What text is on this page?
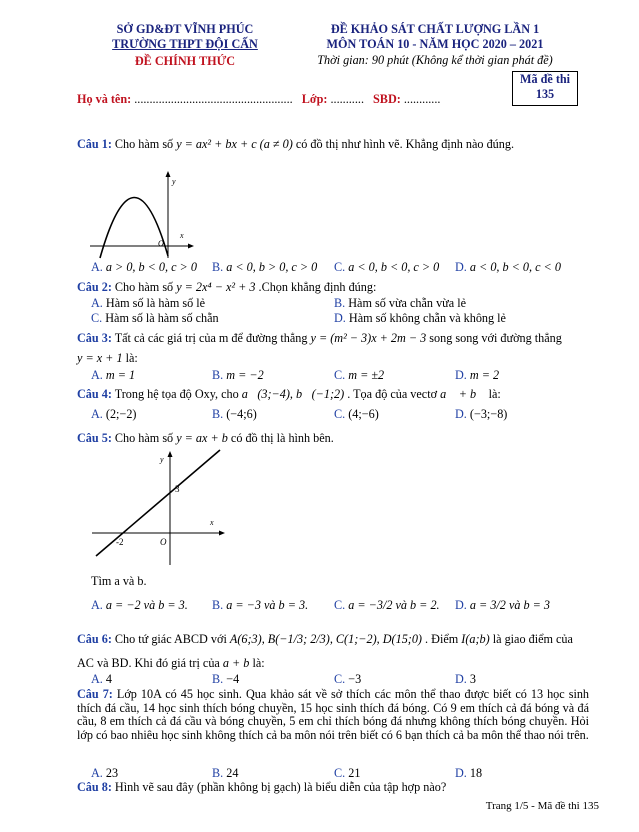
SỞ GD&ĐT VĨNH PHÚC
TRƯỜNG THPT ĐỘI CẤN
ĐỀ CHÍNH THỨC
ĐỀ KHẢO SÁT CHẤT LƯỢNG LẦN 1
MÔN TOÁN 10 - NĂM HỌC 2020 – 2021
Thời gian: 90 phút (Không kể thời gian phát đề)
Mã đề thi
135
Họ và tên: .................................................... Lớp: ........... SBD: ............
Câu 1: Cho hàm số y = ax² + bx + c (a ≠ 0) có đồ thị như hình vẽ. Khẳng định nào đúng.
y
x
O
A. a > 0, b < 0, c > 0 B. a < 0, b > 0, c > 0 C. a < 0, b < 0, c > 0 D. a < 0, b < 0, c < 0
Câu 2: Cho hàm số y = 2x⁴ − x² + 3 .Chọn khẳng định đúng:
A. Hàm số là hàm số lẻ	B. Hàm số vừa chẵn vừa lẻ
C. Hàm số là hàm số chẵn	D. Hàm số không chẵn và không lẻ
Câu 3: Tất cả các giá trị của m để đường thẳng y = (m² − 3)x + 2m − 3 song song với đường thẳng
y = x + 1 là:
A. m = 1	B. m = −2	C. m = ±2	D. m = 2
Câu 4: Trong hệ tọa độ Oxy, cho a⃗(3;−4), b⃗(−1;2) . Tọa độ của vectơ a⃗ + b⃗ là:
A. (2;−2)	B. (−4;6)	C. (4;−6)	D. (−3;−8)
Câu 5: Cho hàm số y = ax + b có đồ thị là hình bên.
y
x
O
3
-2
Tìm a và b.
A. a = −2 và b = 3. B. a = −3 và b = 3. C. a = −3/2 và b = 2. D. a = 3/2 và b = 3
Câu 6: Cho tứ giác ABCD với A(6;3), B(−1/3; 2/3), C(1;−2), D(15;0) . Điểm I(a;b) là giao điểm của
AC và BD. Khi đó giá trị của a + b là:
A. 4	B. −4	C. −3	D. 3
Câu 7: Lớp 10A có 45 học sinh. Qua khảo sát về sở thích các môn thể thao được biết có 13 học sinh thích đá cầu, 14 học sinh thích bóng chuyền, 15 học sinh thích đá bóng. Có 9 em thích cả đá bóng và đá cầu, 8 em thích cả đá cầu và bóng chuyền, 5 em chỉ thích bóng đá nhưng không thích bóng chuyền. Hỏi lớp có bao nhiêu học sinh không thích cả ba môn nói trên biết có 6 bạn thích cả ba môn thể thao nói trên.
A. 23	B. 24	C. 21	D. 18
Câu 8: Hình vẽ sau đây (phần không bị gạch) là biểu diễn của tập hợp nào?
Trang 1/5 - Mã đề thi 135
